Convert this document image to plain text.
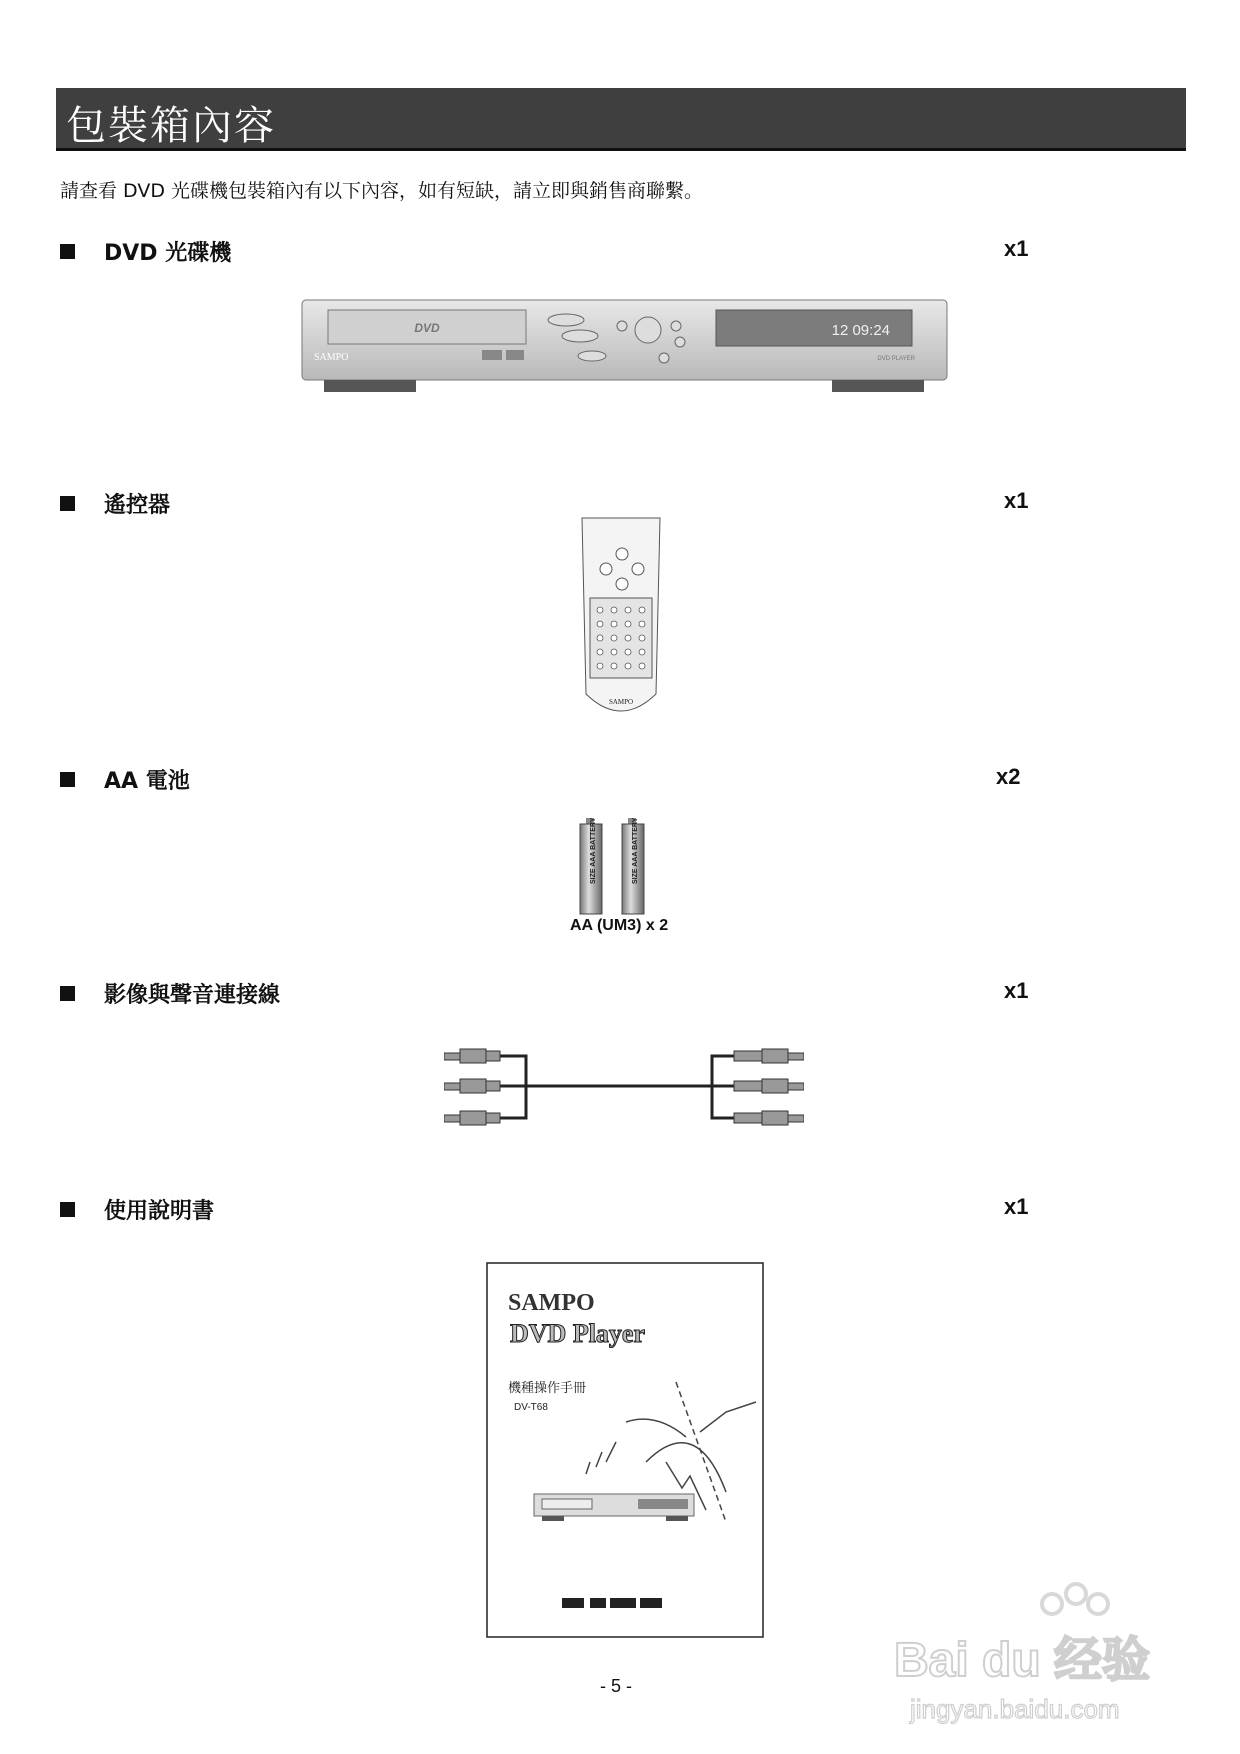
包裝箱內容
請查看 DVD 光碟機包裝箱內有以下內容，如有短缺，請立即與銷售商聯繫。
DVD 光碟機	x1
DVD
SAMPO
12 09:24
DVD PLAYER
遙控器	x1
SAMPO
AA 電池	x2
SIZE AAA BATTERY	SIZE AAA BATTERY
AA (UM3) x 2
影像與聲音連接線	x1
使用說明書	x1
SAMPO
DVD Player
機種操作手冊
DV-T68
- 5 -	Bai du 经验
jingyan.baidu.com
